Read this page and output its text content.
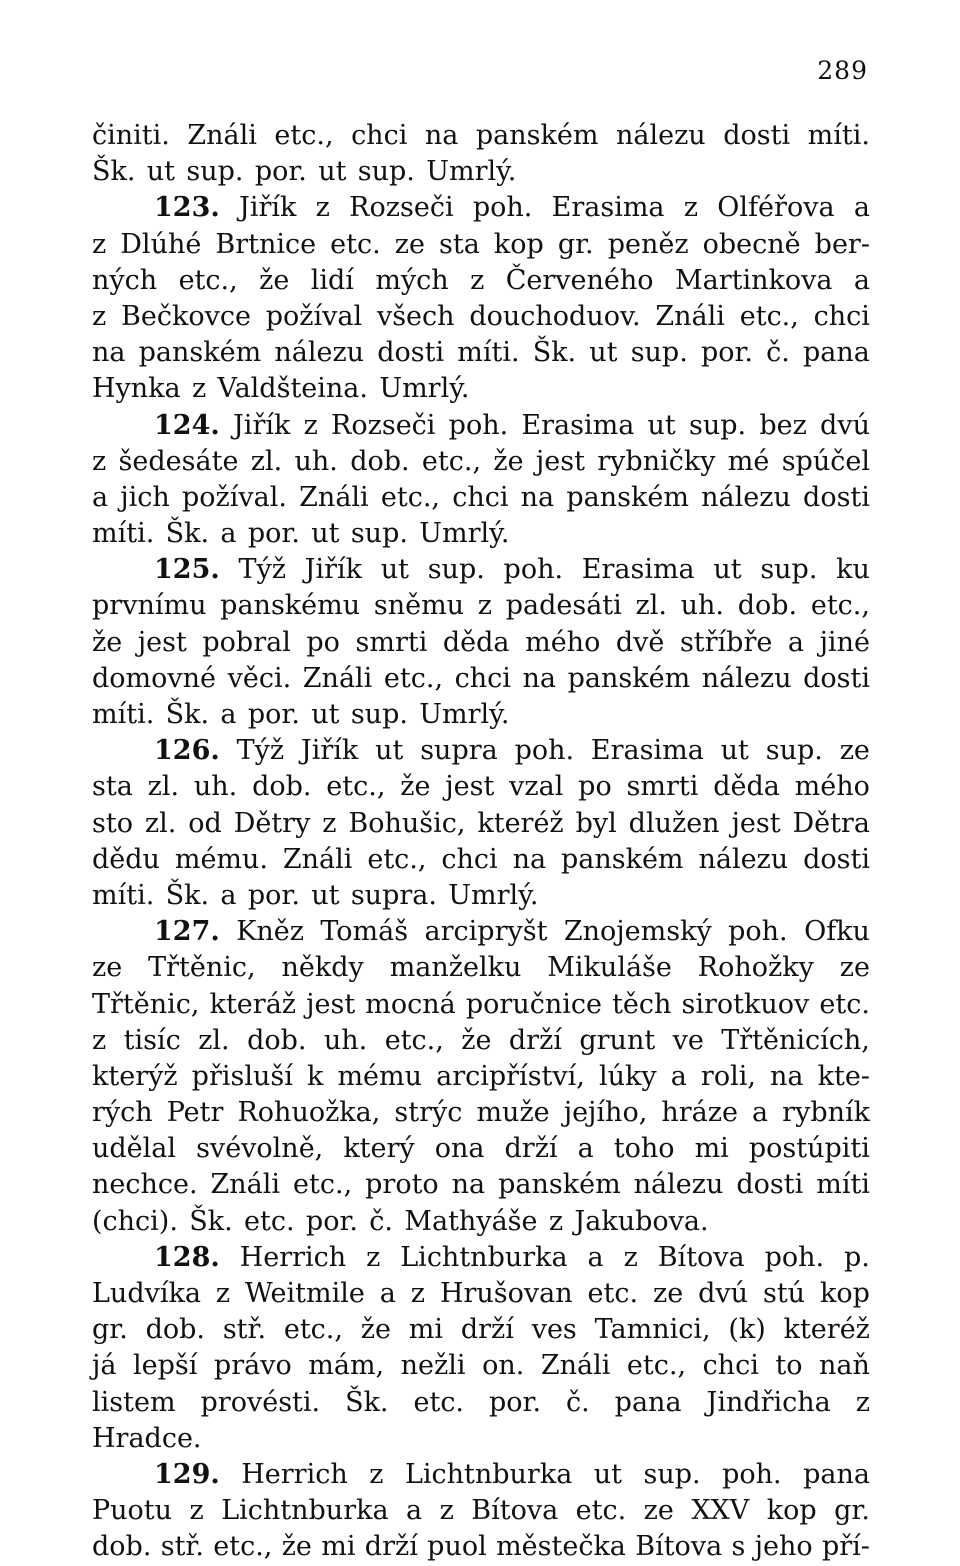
289
činiti. Ználi etc., chci na panském nálezu dosti míti.
Šk. ut sup. por. ut sup. Umrlý.
123. Jiřík z Rozseči poh. Erasima z Olféřova a
z Dlúhé Brtnice etc. ze sta kop gr. peněz obecně ber-
ných etc., že lidí mých z Červeného Martinkova a
z Bečkovce požíval všech douchoduov. Ználi etc., chci
na panském nálezu dosti míti. Šk. ut sup. por. č. pana
Hynka z Valdšteina. Umrlý.
124. Jiřík z Rozseči poh. Erasima ut sup. bez dvú
z šedesáte zl. uh. dob. etc., že jest rybničky mé spúčel
a jich požíval. Ználi etc., chci na panském nálezu dosti
míti. Šk. a por. ut sup. Umrlý.
125. Týž Jiřík ut sup. poh. Erasima ut sup. ku
prvnímu panskému sněmu z padesáti zl. uh. dob. etc.,
že jest pobral po smrti děda mého dvě stříbře a jiné
domovné věci. Ználi etc., chci na panském nálezu dosti
míti. Šk. a por. ut sup. Umrlý.
126. Týž Jiřík ut supra poh. Erasima ut sup. ze
sta zl. uh. dob. etc., že jest vzal po smrti děda mého
sto zl. od Dětry z Bohušic, kteréž byl dlužen jest Dětra
dědu mému. Ználi etc., chci na panském nálezu dosti
míti. Šk. a por. ut supra. Umrlý.
127. Kněz Tomáš arcipryšt Znojemský poh. Ofku
ze Třtěnic, někdy manželku Mikuláše Rohožky ze
Třtěnic, kteráž jest mocná poručnice těch sirotkuov etc.
z tisíc zl. dob. uh. etc., že drží grunt ve Třtěnicích,
kterýž přisluší k mému arcipříství, lúky a roli, na kte-
rých Petr Rohuožka, strýc muže jejího, hráze a rybník
udělal svévolně, který ona drží a toho mi postúpiti
nechce. Ználi etc., proto na panském nálezu dosti míti
(chci). Šk. etc. por. č. Mathyáše z Jakubova.
128. Herrich z Lichtnburka a z Bítova poh. p.
Ludvíka z Weitmile a z Hrušovan etc. ze dvú stú kop
gr. dob. stř. etc., že mi drží ves Tamnici, (k) kteréž
já lepší právo mám, nežli on. Ználi etc., chci to naň
listem provésti. Šk. etc. por. č. pana Jindřicha z
Hradce.
129. Herrich z Lichtnburka ut sup. poh. pana
Puotu z Lichtnburka a z Bítova etc. ze XXV kop gr.
dob. stř. etc., že mi drží puol městečka Bítova s jeho pří-
